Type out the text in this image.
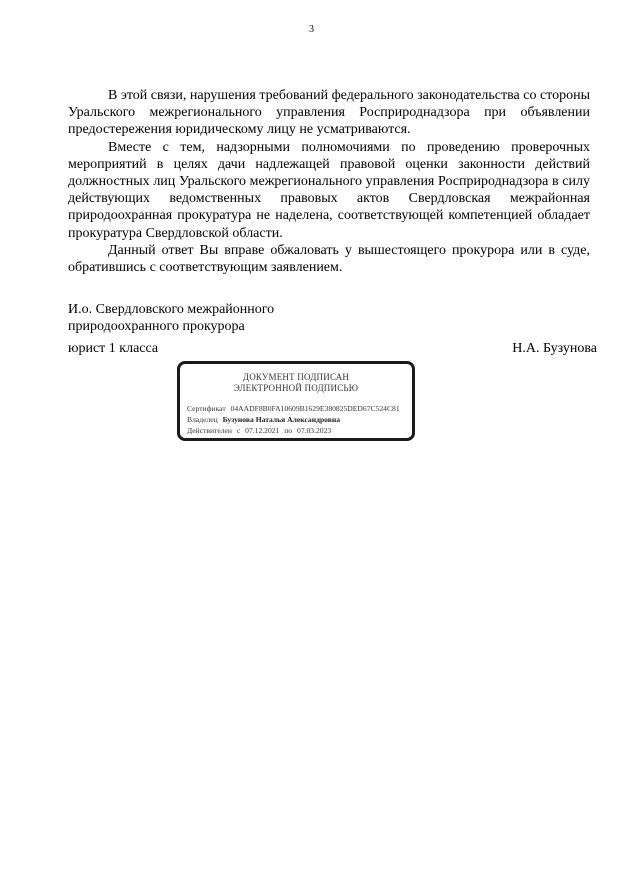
3

В этой связи, нарушения требований федерального законодательства со стороны Уральского межрегионального управления Росприроднадзора при объявлении предостережения юридическому лицу не усматриваются.

Вместе с тем, надзорными полномочиями по проведению проверочных мероприятий в целях дачи надлежащей правовой оценки законности действий должностных лиц Уральского межрегионального управления Росприроднадзора в силу действующих ведомственных правовых актов Свердловская межрайонная природоохранная прокуратура не наделена, соответствующей компетенцией обладает прокуратура Свердловской области.

Данный ответ Вы вправе обжаловать у вышестоящего прокурора или в суде, обратившись с соответствующим заявлением.

И.о. Свердловского межрайонного
природоохранного прокурора
юрист 1 класса	Н.А. Бузунова
ДОКУМЕНТ ПОДПИСАН
ЭЛЕКТРОННОЙ ПОДПИСЬЮ
Сертификат 04AADF8B0FA10609B1629E380825DED67C524C81
Владелец Бузунова Наталья Александровна
Действителен с 07.12.2021 по 07.03.2023
